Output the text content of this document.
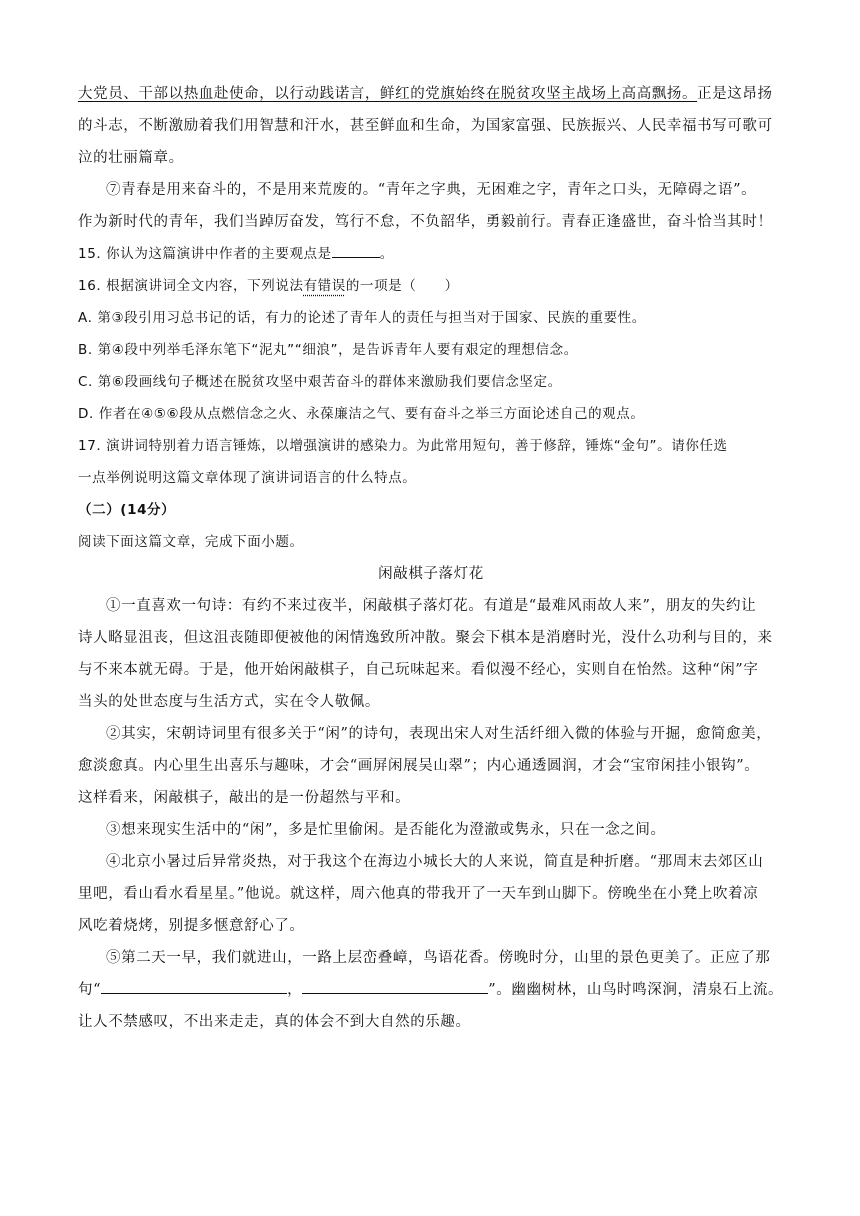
大党员、干部以热血赴使命，以行动践诺言，鲜红的党旗始终在脱贫攻坚主战场上高高飘扬。正是这昂扬
的斗志，不断激励着我们用智慧和汗水，甚至鲜血和生命，为国家富强、民族振兴、人民幸福书写可歌可
泣的壮丽篇章。
⑦青春是用来奋斗的，不是用来荒废的。“青年之字典，无困难之字，青年之口头，无障碍之语”。
作为新时代的青年，我们当踔厉奋发，笃行不怠，不负韶华，勇毅前行。青春正逢盛世，奋斗恰当其时！
15. 你认为这篇演讲中作者的主要观点是	。
16. 根据演讲词全文内容，下列说法有错误的一项是（　　）
A. 第③段引用习总书记的话，有力的论述了青年人的责任与担当对于国家、民族的重要性。
B. 第④段中列举毛泽东笔下“泥丸”“细浪”，是告诉青年人要有艰定的理想信念。
C. 第⑥段画线句子概述在脱贫攻坚中艰苦奋斗的群体来激励我们要信念坚定。
D. 作者在④⑤⑥段从点燃信念之火、永葆廉洁之气、要有奋斗之举三方面论述自己的观点。
17. 演讲词特别着力语言锤炼，以增强演讲的感染力。为此常用短句，善于修辞，锤炼“金句”。请你任选
一点举例说明这篇文章体现了演讲词语言的什么特点。
（二）(14分）
阅读下面这篇文章，完成下面小题。
闲敲棋子落灯花
①一直喜欢一句诗：有约不来过夜半，闲敲棋子落灯花。有道是“最难风雨故人来”，朋友的失约让
诗人略显沮丧，但这沮丧随即便被他的闲情逸致所冲散。聚会下棋本是消磨时光，没什么功利与目的，来
与不来本就无碍。于是，他开始闲敲棋子，自己玩味起来。看似漫不经心，实则自在怡然。这种“闲”字
当头的处世态度与生活方式，实在令人敬佩。
②其实，宋朝诗词里有很多关于“闲”的诗句，表现出宋人对生活纤细入微的体验与开掘，愈简愈美，
愈淡愈真。内心里生出喜乐与趣味，才会“画屏闲展吴山翠”；内心通透圆润，才会“宝帘闲挂小银钩”。
这样看来，闲敲棋子，敲出的是一份超然与平和。
③想来现实生活中的“闲”，多是忙里偷闲。是否能化为澄澈或隽永，只在一念之间。
④北京小暑过后异常炎热，对于我这个在海边小城长大的人来说，简直是种折磨。“那周末去郊区山
里吧，看山看水看星星。”他说。就这样，周六他真的带我开了一天车到山脚下。傍晚坐在小凳上吹着凉
风吃着烧烤，别提多惬意舒心了。
⑤第二天一早，我们就进山，一路上层峦叠嶂，鸟语花香。傍晚时分，山里的景色更美了。正应了那
句“	，	”。幽幽树林，山鸟时鸣深涧，清泉石上流。
让人不禁感叹，不出来走走，真的体会不到大自然的乐趣。
